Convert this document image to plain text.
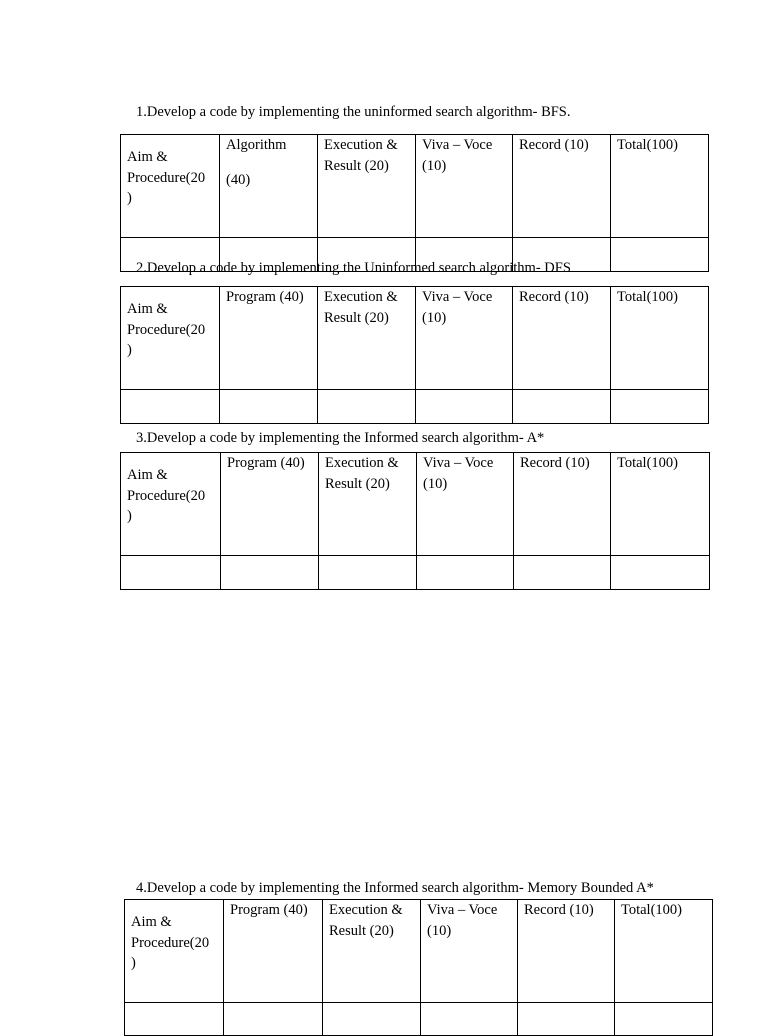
1.Develop a code by implementing the uninformed search algorithm- BFS.
Aim &
Procedure(20
)	Algorithm
(40)	Execution &
Result (20)	Viva – Voce
(10)	Record (10)	Total(100)

2.Develop a code by implementing the Uninformed search algorithm- DFS
Aim &
Procedure(20
)	Program (40)	Execution &
Result (20)	Viva – Voce
(10)	Record (10)	Total(100)

3.Develop a code by implementing the Informed search algorithm- A*
Aim &
Procedure(20
)	Program (40)	Execution &
Result (20)	Viva – Voce
(10)	Record (10)	Total(100)

4.Develop a code by implementing the Informed search algorithm- Memory Bounded A*
Aim &
Procedure(20
)	Program (40)	Execution &
Result (20)	Viva – Voce
(10)	Record (10)	Total(100)
